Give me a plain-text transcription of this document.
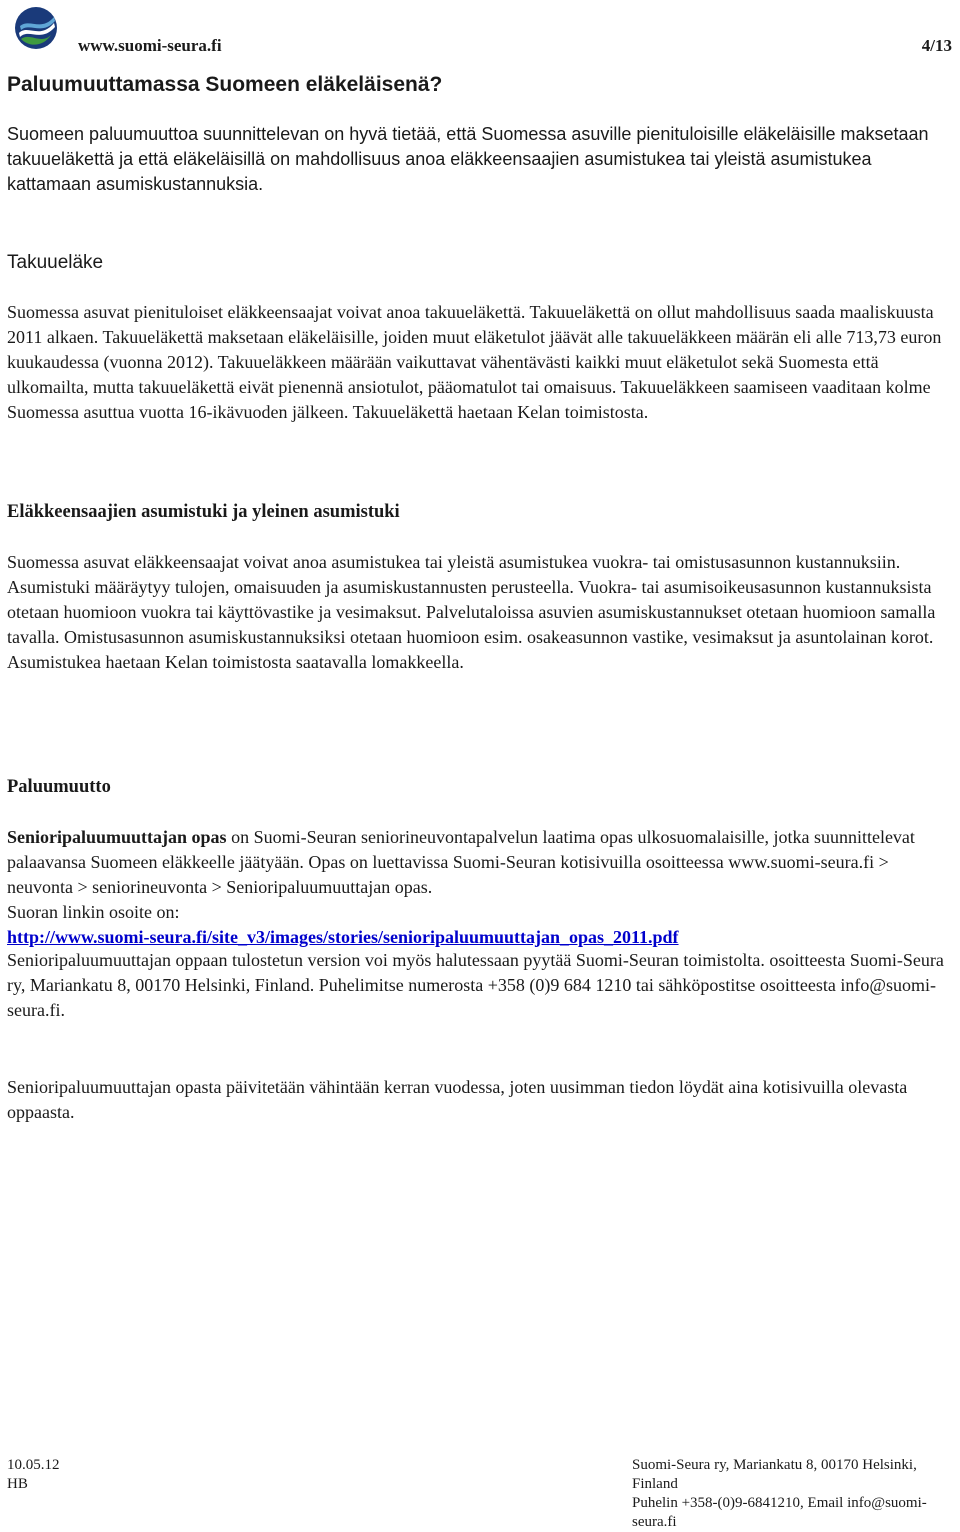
www.suomi-seura.fi	4/13
Paluumuuttamassa Suomeen eläkeläisenä?

Suomeen paluumuuttoa suunnittelevan on hyvä tietää, että Suomessa asuville pienituloisille eläkeläisille maksetaan takuueläkettä ja että eläkeläisillä on mahdollisuus anoa eläkkeensaajien asumistukea tai yleistä asumistukea kattamaan asumiskustannuksia.

Takuueläke

Suomessa asuvat pienituloiset eläkkeensaajat voivat anoa takuueläkettä. Takuueläkettä on ollut mahdollisuus saada maaliskuusta 2011 alkaen. Takuueläkettä maksetaan eläkeläisille, joiden muut eläketulot jäävät alle takuueläkkeen määrän eli alle 713,73 euron kuukaudessa (vuonna 2012). Takuueläkkeen määrään vaikuttavat vähentävästi kaikki muut eläketulot sekä Suomesta että ulkomailta, mutta takuueläkettä eivät pienennä ansiotulot, pääomatulot tai omaisuus. Takuueläkkeen saamiseen vaaditaan kolme Suomessa asuttua vuotta 16-ikävuoden jälkeen. Takuueläkettä haetaan Kelan toimistosta.

Eläkkeensaajien asumistuki ja yleinen asumistuki

Suomessa asuvat eläkkeensaajat voivat anoa asumistukea tai yleistä asumistukea vuokra- tai omistusasunnon kustannuksiin. Asumistuki määräytyy tulojen, omaisuuden ja asumiskustannusten perusteella. Vuokra- tai asumisoikeusasunnon kustannuksista otetaan huomioon vuokra tai käyttövastike ja vesimaksut. Palvelutaloissa asuvien asumiskustannukset otetaan huomioon samalla tavalla. Omistusasunnon asumiskustannuksiksi otetaan huomioon esim. osakeasunnon vastike, vesimaksut ja asuntolainan korot. Asumistukea haetaan Kelan toimistosta saatavalla lomakkeella.

Paluumuutto

Senioripaluumuuttajan opas on Suomi-Seuran seniorineuvontapalvelun laatima opas ulkosuomalaisille, jotka suunnittelevat palaavansa Suomeen eläkkeelle jäätyään. Opas on luettavissa Suomi-Seuran kotisivuilla osoitteessa www.suomi-seura.fi > neuvonta > seniorineuvonta > Senioripaluumuuttajan opas.
Suoran linkin osoite on:
http://www.suomi-seura.fi/site_v3/images/stories/senioripaluumuuttajan_opas_2011.pdf

Senioripaluumuuttajan oppaan tulostetun version voi myös halutessaan pyytää Suomi-Seuran toimistolta. osoitteesta Suomi-Seura ry, Mariankatu 8, 00170 Helsinki, Finland. Puhelimitse numerosta +358 (0)9 684 1210 tai sähköpostitse osoitteesta info@suomi-seura.fi.

Senioripaluumuuttajan opasta päivitetään vähintään kerran vuodessa, joten uusimman tiedon löydät aina kotisivuilla olevasta oppaasta.

10.05.12
HB
Suomi-Seura ry, Mariankatu 8, 00170 Helsinki, Finland
Puhelin +358-(0)9-6841210, Email info@suomi-seura.fi
